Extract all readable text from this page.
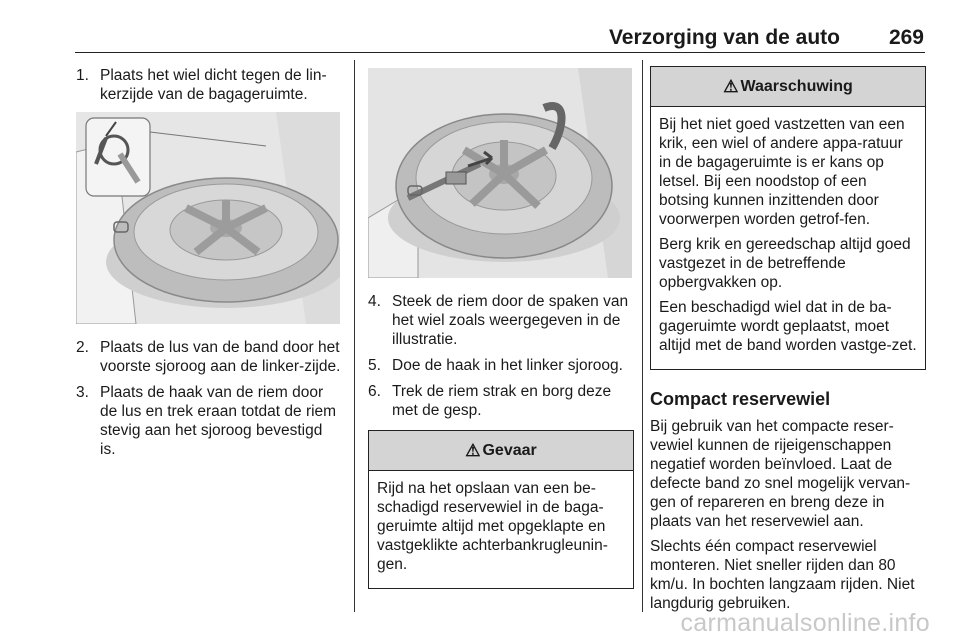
Verzorging van de auto 269
1. Plaats het wiel dicht tegen de lin-kerzijde van de bagageruimte.
2. Plaats de lus van de band door het voorste sjoroog aan de linker-zijde.
3. Plaats de haak van de riem door de lus en trek eraan totdat de riem stevig aan het sjoroog bevestigd is.
4. Steek de riem door de spaken van het wiel zoals weergegeven in de illustratie.
5. Doe de haak in het linker sjoroog.
6. Trek de riem strak en borg deze met de gesp.
⚠ Gevaar

Rijd na het opslaan van een be-schadigd reservewiel in de baga-geruimte altijd met opgeklapte en vastgeklikte achterbankrugleunin-gen.

⚠ Waarschuwing

Bij het niet goed vastzetten van een krik, een wiel of andere appa-ratuur in de bagageruimte is er kans op letsel. Bij een noodstop of een botsing kunnen inzittenden door voorwerpen worden getrof-fen.

Berg krik en gereedschap altijd goed vastgezet in de betreffende opbergvakken op.

Een beschadigd wiel dat in de ba-gageruimte wordt geplaatst, moet altijd met de band worden vastge-zet.

Compact reservewiel

Bij gebruik van het compacte reser-vewiel kunnen de rijeigenschappen negatief worden beïnvloed. Laat de defecte band zo snel mogelijk vervan-gen of repareren en breng deze in plaats van het reservewiel aan.

Slechts één compact reservewiel monteren. Niet sneller rijden dan 80 km/u. In bochten langzaam rijden. Niet langdurig gebruiken.

carmanualsonline.info
